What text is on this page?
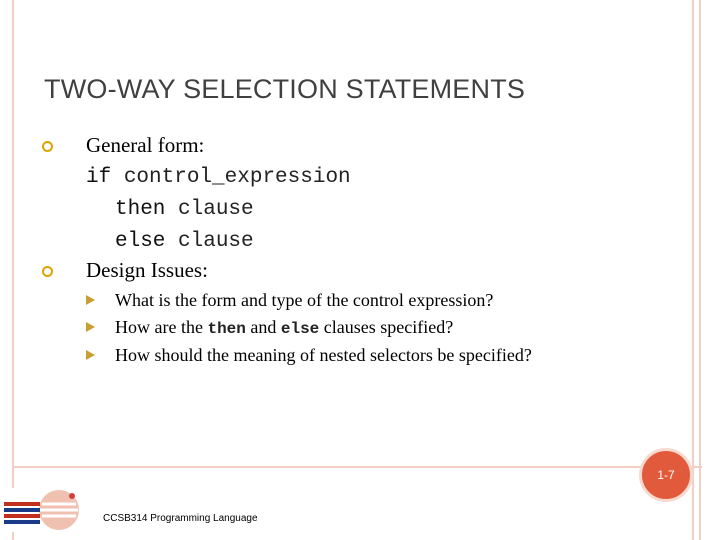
TWO-WAY SELECTION STATEMENTS
General form:
if control_expression
then clause
else clause
Design Issues:
What is the form and type of the control expression?
How are the then and else clauses specified?
How should the meaning of nested selectors be specified?
1-7
CCSB314 Programming Language
